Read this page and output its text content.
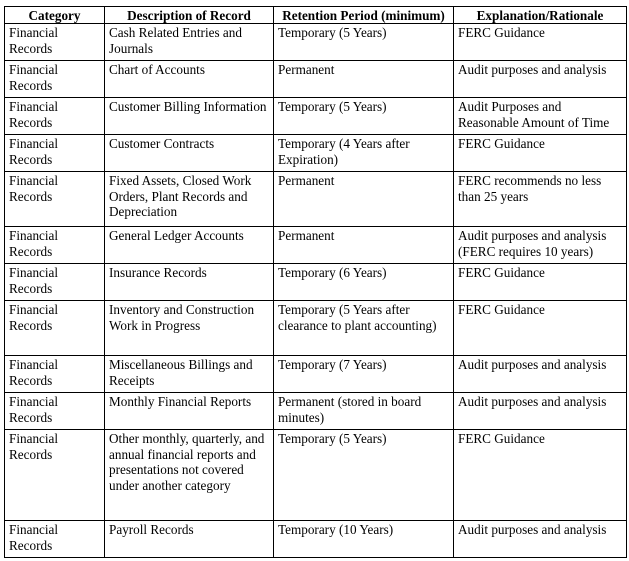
Category	Description of Record	Retention Period (minimum)	Explanation/Rationale
Financial Records	Cash Related Entries and Journals	Temporary (5 Years)	FERC Guidance
Financial Records	Chart of Accounts	Permanent	Audit purposes and analysis
Financial Records	Customer Billing Information	Temporary (5 Years)	Audit Purposes and Reasonable Amount of Time
Financial Records	Customer Contracts	Temporary (4 Years after Expiration)	FERC Guidance
Financial Records	Fixed Assets, Closed Work Orders, Plant Records and Depreciation	Permanent	FERC recommends no less than 25 years
Financial Records	General Ledger Accounts	Permanent	Audit purposes and analysis (FERC requires 10 years)
Financial Records	Insurance Records	Temporary (6 Years)	FERC Guidance
Financial Records	Inventory and Construction Work in Progress	Temporary (5 Years after clearance to plant accounting)	FERC Guidance
Financial Records	Miscellaneous Billings and Receipts	Temporary (7 Years)	Audit purposes and analysis
Financial Records	Monthly Financial Reports	Permanent (stored in board minutes)	Audit purposes and analysis
Financial Records	Other monthly, quarterly, and annual financial reports and presentations not covered under another category	Temporary (5 Years)	FERC Guidance
Financial Records	Payroll Records	Temporary (10 Years)	Audit purposes and analysis
